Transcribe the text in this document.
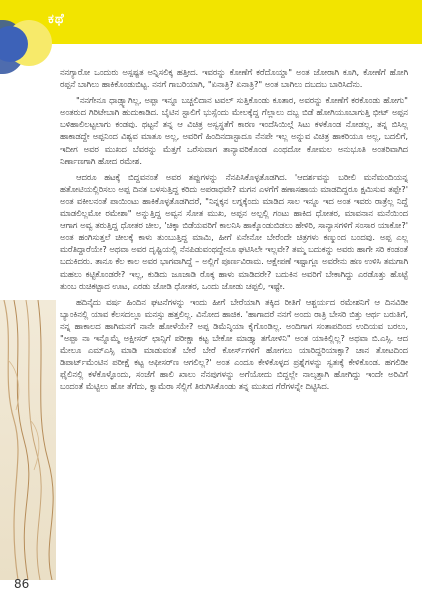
ಕಥೆ
86

ನನಗ್ಯಾರೋ ಒಂದುರು ಅಸ್ಪಷ್ಟತ ಅನ್ನಿಸಲಿಕ್ಕ ಹತ್ತೀದ. ಇವರನ್ನು ಕೋಣೆಗೆ ಕರೆದೊಯ್ದಾ" ಅಂತ ಜೋರಾಗಿ ಕೂಗಿ, ಕೋಣೆಗೆ ಹೋಗಿ ರಪ್ಪನೆ ಬಾಗಿಲು ಹಾಕಿಕೊಂಡುಬಿಟ್ಟ. ನನಗೆ ಗಾಬರಿಯಾಗಿ, "ಏನಾತ್ರಿ? ಏನಾತ್ರಿ?" ಅಂತ ಬಾಗಿಲು ದಬದಬ ಬಾರಿಸಿದೆನು.

"ನನಗೇನೂ ಧಾಡ್ಸ್ಯಾಗಿಲ್ಲ, ಅಪ್ಪಾ ಇನ್ನೂ ಬಚ್ಚಲಿದಾನ ಟವಲ್ ಸುತ್ತಿಕೊಂಡು ಕೂತಾರ, ಅವರನ್ನು ಕೋಣೆಗೆ ಕರಕೊಂಡು ಹೋಗು" ಅಂತರುದ ಗಿರಿಟೇಬಾಗಿ ಹುದುಕಾಡಿದ. ಬೈಟಿನ ಸ್ಟಾಲಿಗೆ ಭುಸ್ಸೆಂದು ಮೇಲಕ್ಕೆದ್ದ ಗೆಲ್ಲಾಲು ದಬ್ಬ ಬಿಡೆ ಹೋಗಿಯೂಬಾಗುತ್ತಿ ಭೀಟ್ ಅಪ್ಪನ ಬಳಿಹಾಲಿಲಟ್ಟಲಾಗು ಕಂಡವು. ಥಟ್ಟನೆ ತನ್ನ ಆ ವಿಚಿತ್ರ ಅಸ್ವಸ್ಥತೆಗೆ ಕಾರಣ ಇಂದೆಸಿಯಿಲ್ಗೆ ಸಿಟು ಕಳಕೊಂಡ ನೋಡಲ್ಲ, ತನ್ನ ಬಿಸಿಲ್ಲ ಹಾಕಾಡದ್ದೇ ಅಪ್ಪನಿಂದ ವಿಶ್ವವ ಮಾತೂ ಅಲ್ಲ, ಅವರಿಗೆ ಹಿಂದಿನದಾಸ್ಟಾದೂ ನೆನಪೇ ಇಲ್ಲ ಅನ್ನುವ ವಿಚಿತ್ರ ಹಾಕರಿಯೂ ಅಲ್ಲ, ಬದಲಿಗೆ, ಇದೀಗ ಅವರ ಮುಖದ ಬೆವರನ್ನು ಮೆತ್ತಗೆ ಒರೆಸುವಾಗ ತಾನ್ಯಾವರಿಕೊಂಡ ಎಂಥದೋ ಕೋಮಲ ಅನುಭೂತಿ ಅಂತರಿವಾಗಿದ ನಿರ್ಣಾಣಗಾಗಿ ಹೋದ ರಮೇಶ.

ಆದರೂ ಹಟಕ್ಕೆ ಬಿದ್ದವನಂತೆ ಅವರ ತಪ್ಪುಗಳನ್ನು ನೆನಪಿಸಿಕೊಳ್ಳತೊಡಗಿದ. 'ಆದರ್ಶವನ್ನು ಬರೀಲಿ ಮನೆಮಂದಿಯನ್ನ ಹತೋಟಿಯಲ್ಲಿರಿಸಲು ಅಪ್ಪ ದಿನತ ಬಳಸುತ್ತಿದ್ದ ಕರಿದು ಅಪರಾಧವೇ? ಮಗನ ಎಳಗೆಗೆ ಹಣಾಸಹಾಯ ಮಾಡದಿದ್ದರೂ ಕ್ಷಮಿಸುವ ತಪ್ಪೇ?' ಅಂತ ವಕೀಲನಂತೆ ಪಾಯಿಂಟು ಹಾಕಿಕೊಳ್ಳತೊಡಗಿದರೆ, "ನಿನ್ನಕ್ಕನ ಲಗ್ನಕ್ಕೆಂದು ಮಾಡಿದ ಸಾಲ ಇನ್ನೂ ಇದ ಅಂತ ಇವರು ರಾತ್ರೆಲ್ಲ ನಿದ್ದೆ ಮಾಡಲಿಲ್ಲಮೋ ರಮೇಶಾ" ಅನ್ನುತ್ತಿದ್ದ ಅವ್ವನ ಸೋತ ಮುಖ, ಅಪ್ಪನ ಅಲ್ಪಲ್ಲಿ ಗಂಟು ಹಾಕಿದ ಧೋತರ, ಮಾವನಾನ ಮನೆಯಿಂದ ಆಗಾಗ ಅವ್ವ ತರುತ್ತಿದ್ದ ಧೋತರ ಚೀಲ, 'ಚಿಕ್ಕಾ ಬಿಡೆಯವರಿಗೆ ಕಾಲನಿಸಿ ಹಾಕ್ಕೊಂಡುಬಿಡಲು ಹೇಳಿರಿ, ಸಾನ್ಯಾಸಗಳಿಗೆ ಸಂಸಾರ ಯಾಕೋ?' ಅಂತ ಹಂಗಿಸುತ್ತಲೆ ಚೀಲಕ್ಕೆ ಕಾಳು ತುಂಬುತ್ತಿದ್ದ ಮಾಮಿ, ಹೀಗೆ ಏನೇನೋ ಬೇರೆಂದೇ ಚಿತ್ರಗಳು ಕಣ್ಮುಂದ ಬಂದವು. ಅಪ್ಪ ಎಲ್ಲ ಮರೆತಿದ್ದಾರೆಯೇ? ಅಥವಾ ಅವರ ದೃಷ್ಟಿಯಲ್ಲಿ ನೆನಪಿಡುವಂಥದ್ದೇನೂ ಘಟಿಸಿಲೇ ಇಲ್ಲವೇ? ತಮ್ಮ ಬದುಕನ್ನು ಅವರು ಹಾಗೇ ಸರಿ ಕಂಡಂತೆ ಬದುಕಿದರು. ತಾನೂ ಕೆಲ ಕಾಲ ಅವರ ಭಾಗವಾಗಿದ್ದೆ – ಅಲ್ಲಿಗೆ ಪೂರ್ಣವಿರಾಮ. ಆಕ್ಷೇಪಣೆ ಇಷ್ಟಾಗ್ಲೂ ಅವರೇನು ಹಣ ಉಳಿಸಿ ತಮಗಾಗಿ ಮಹಲು ಕಟ್ಟಿಕೊಂಡರೇ? ಇಲ್ಲ, ಕುಡಿದು ಜೂಜಾಡಿ ರೊಕ್ಕ ಹಾಳು ಮಾಡಿದರೇ? ಬದುಕಿನ ಅವರಿಗೆ ಬೇಕಾಗಿದ್ದು ಎರಡೊತ್ತು ಹೊಟ್ಟೆ ತುಂಬ ರುಚಿಕಟ್ಟಾದ ಊಟ, ಎರಡು ಜೋಡಿ ಧೋತರ, ಒಂದು ಜೋಡು ಚಪ್ಪಲಿ, ಇಷ್ಟೇ.

ಹದಿನೈದು ವರ್ಷ ಹಿಂದಿನ ಘಟನೆಗಳನ್ನು ಇಂದು ಹೀಗೆ ಬೇರೆಯಾಗಿ ತಕ್ಕಿದ ರೀತಿಗೆ ಆಶ್ಚರ್ಯದ ರಮೇಶನಿಗೆ ಆ ದಿನವಿಡೀ ಬ್ಯಾಂಕಿನಲ್ಲಿ ಯಾವ ಕೆಲಸದಲ್ಲೂ ಮನಸ್ಸು ಹತ್ತಲಿಲ್ಲ. ವಿನೋದ ಹಾಜಿಕ. 'ಹಾಗಾದರೆ ನನಗೆ ಅಂದು ರಾತ್ರಿ ಬೇಸರಿ ಬಿತ್ತು ಆರ್ಥ ಬರುತಿಗೆ, ನನ್ನ ಹಾಕಾಲದ ಹಾಗಿಮನಗೆ ನಾನೇ ಹೋಳೆಯೇ? ಅಪ್ಪ ಡಿಮೆನ್ಶಿಯಾ ಕೈಗೊಂಡಿಲ್ಲ. ಅಂದಿಗಾಗ ಸಂತಾಪದಿಂದ ಉದಿಯವ ಬರಲು, "ಅಪ್ಪಾ ನಾ ಇನ್ನೊಮ್ಮೆ ಅಕ್ಷೀಸರ್ ಛಾನ್ಸಿಗೆ ಪರೀಕ್ಷಾ ಕಟ್ಟ ಬೇಕೋ ಮಾಡ್ತ್ಯಾ ತಗೋಳಿನಿ" ಅಂತ ಯಾಕಿಲ್ಲಿಲ್ಲ? ಅಥವಾ ಬಿ.ಎಸ್ಸಿ. ಆದ ಮೇಲೂ ಎಮ್ಎಸ್ಸಿ ಮಾಡಿ ಮಾಡುವಂತೆ ಬೇರೆ ಬೇರೆ ಕೋರ್ಸ್‌ಗಳಿಗೆ ಹೋಗಲು ಯಾರಿದ್ದರಿಯಾಕ್ಸಾ? ಚಾನ ತೋಟದಿಂದ ಡಿಪಾರ್ಟ್‌ಮೆಂಟಿನ ಪರೀಕ್ಷೆ ಕಟ್ಟ ಆಫೀಸರ್‌ಣ ಆಗಲಿಲ್ಲ?' ಅಂತ ಎಂದೂ ಕೇಳಿಕೊಳ್ಳದ ಪ್ರಶ್ನೆಗಳನ್ನು ಸ್ವತಃಕ್ಕೆ ಕೇಳಿಕೊಂಡ. ಹಗಲಿಡೀ ಫೈಲಿನಲ್ಲಿ ಕಳೆಕೊಳ್ಳೊಂದು, ಸಂಜೆಗೆ ಹಾಲಿ ಖಾಲು ನೆನಪುಗಳನ್ನು ಅಗೆಯೋದು ಬಿದ್ದಲ್ಲೇ ನಾಲ್ಕತ್ತಾಗಿ ಹೋಗಿದ್ದು ಇಂದೇ ಅರಿವಿಗೆ ಬಂದಂತೆ ಮೆಟ್ಟಿಲು ಹೋ ತೆಗೆದು, ಕ್ವಾಮೆರಾ ಸೆಲ್ಲಿಗೆ ತಿರುಗಿಸಿಕೊಂಡು ತನ್ನ ಮುಖದ ಗೆರೆಗಳನ್ನೇ ದಿಟ್ಟಿಸಿದ.
